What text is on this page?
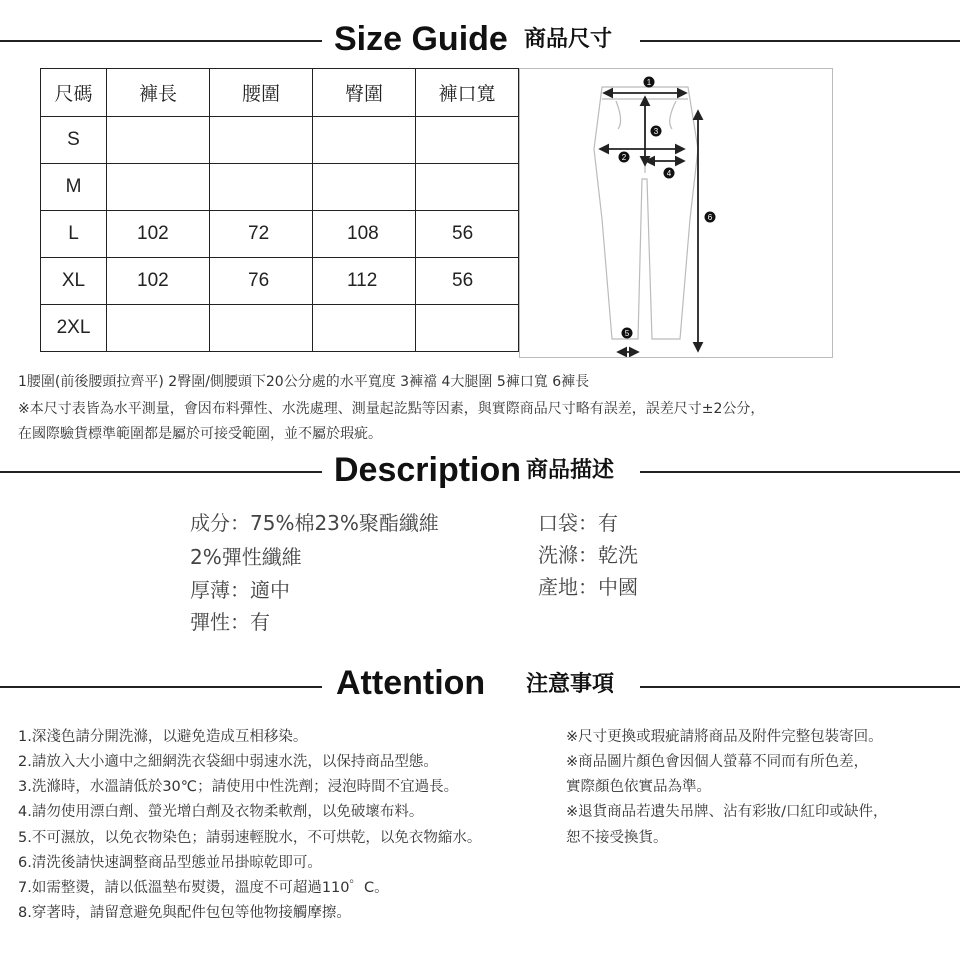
Size Guide 商品尺寸
尺碼	褲長	腰圍	臀圍	褲口寬
S				
M				
L	102	72	108	56
XL	102	76	112	56
2XL				
1
2
3
4
5
6
1腰圍(前後腰頭拉齊平) 2臀圍/側腰頭下20公分處的水平寬度 3褲襠 4大腿圍 5褲口寬 6褲長
※本尺寸表皆為水平測量，會因布料彈性、水洗處理、測量起訖點等因素，與實際商品尺寸略有誤差，誤差尺寸±2公分，
在國際驗貨標準範圍都是屬於可接受範圍，並不屬於瑕疵。
Description 商品描述
成分：75%棉23%聚酯纖維
2%彈性纖維
厚薄：適中
彈性：有
口袋：有
洗滌：乾洗
產地：中國
Attention 注意事項
1.深淺色請分開洗滌，以避免造成互相移染。
2.請放入大小適中之細網洗衣袋細中弱速水洗，以保持商品型態。
3.洗滌時，水溫請低於30℃；請使用中性洗劑；浸泡時間不宜過長。
4.請勿使用漂白劑、螢光增白劑及衣物柔軟劑，以免破壞布料。
5.不可濕放，以免衣物染色；請弱速輕脫水，不可烘乾，以免衣物縮水。
6.清洗後請快速調整商品型態並吊掛晾乾即可。
7.如需整燙，請以低溫墊布熨燙，溫度不可超過110゜C。
8.穿著時，請留意避免與配件包包等他物接觸摩擦。
※尺寸更換或瑕疵請將商品及附件完整包裝寄回。
※商品圖片顏色會因個人螢幕不同而有所色差，
實際顏色依實品為準。
※退貨商品若遺失吊牌、沾有彩妝/口紅印或缺件，
恕不接受換貨。
